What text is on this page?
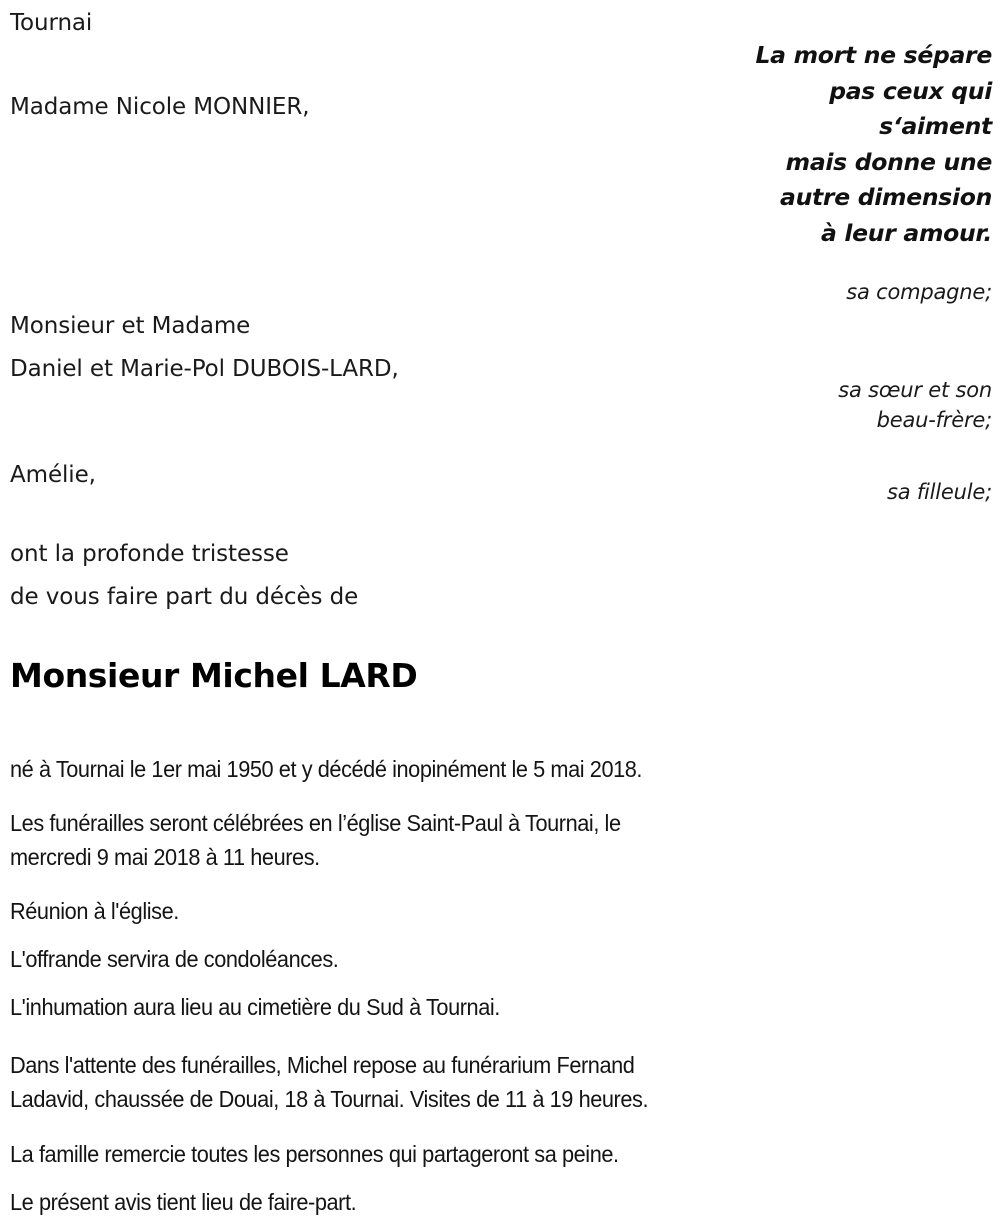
Tournai
Madame Nicole MONNIER,
Monsieur et Madame
Daniel et Marie-Pol DUBOIS-LARD,
Amélie,
ont la profonde tristesse
de vous faire part du décès de
La mort ne sépare
pas ceux qui
s‘aiment
mais donne une
autre dimension
à leur amour.
sa compagne;
sa sœur et son
beau-frère;
sa filleule;
Monsieur Michel LARD
né à Tournai le 1er mai 1950 et y décédé inopinément le 5 mai 2018.
Les funérailles seront célébrées en l’église Saint-Paul à Tournai, le
mercredi 9 mai 2018 à 11 heures.
Réunion à l'église.
L'offrande servira de condoléances.
L'inhumation aura lieu au cimetière du Sud à Tournai.
Dans l'attente des funérailles, Michel repose au funérarium Fernand
Ladavid, chaussée de Douai, 18 à Tournai. Visites de 11 à 19 heures.
La famille remercie toutes les personnes qui partageront sa peine.
Le présent avis tient lieu de faire-part.
